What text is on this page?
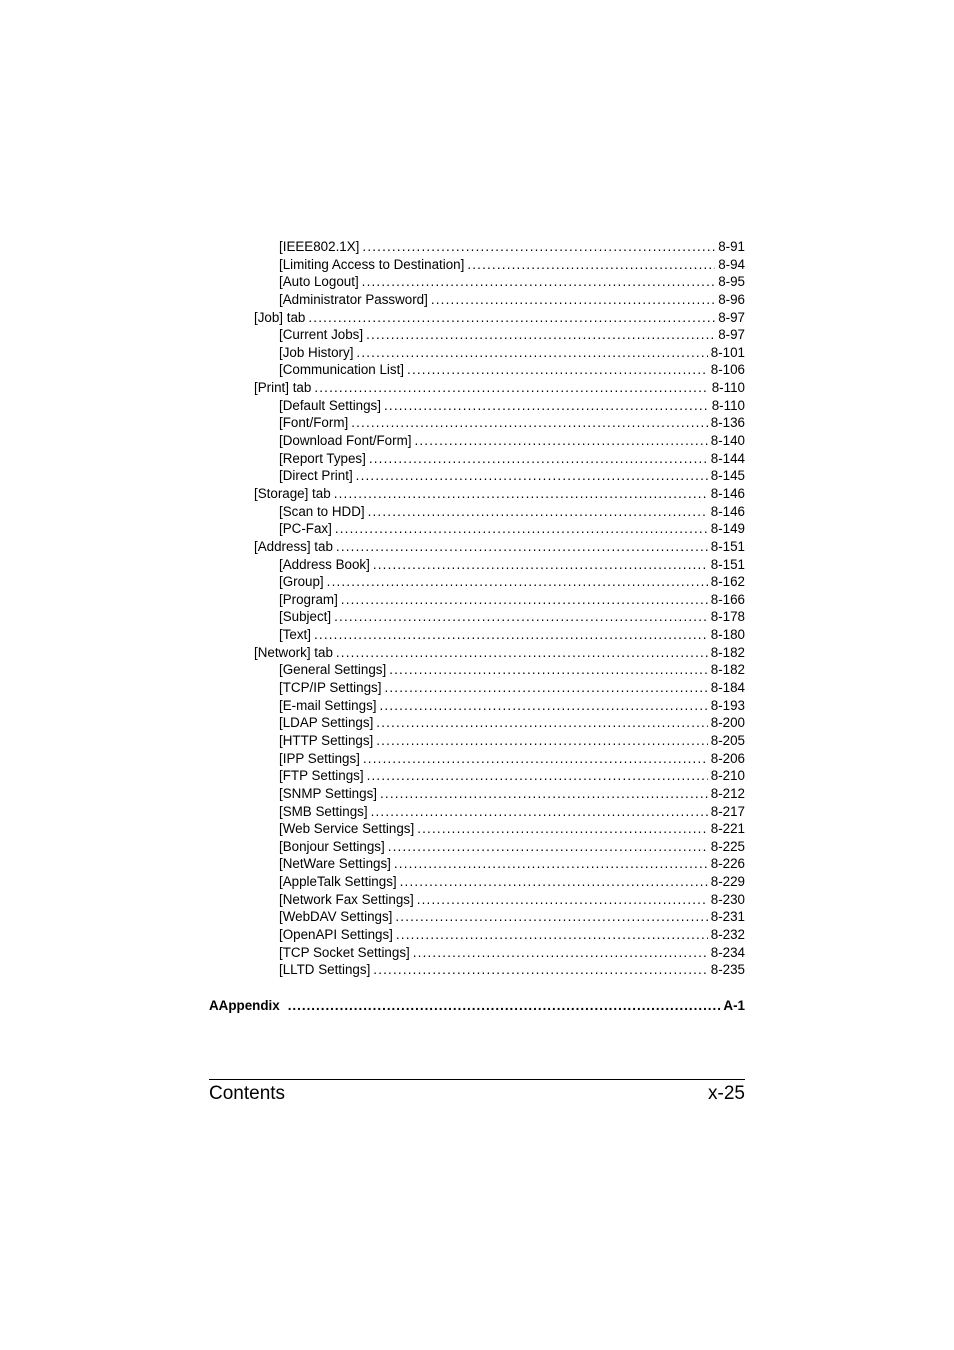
[IEEE802.1X] .....	8-91
[Limiting Access to Destination] .....	8-94
[Auto Logout] .....	8-95
[Administrator Password] .....	8-96
[Job] tab .....	8-97
[Current Jobs] .....	8-97
[Job History] .....	8-101
[Communication List] .....	8-106
[Print] tab .....	8-110
[Default Settings] .....	8-110
[Font/Form] .....	8-136
[Download Font/Form] .....	8-140
[Report Types] .....	8-144
[Direct Print] .....	8-145
[Storage] tab .....	8-146
[Scan to HDD] .....	8-146
[PC-Fax] .....	8-149
[Address] tab .....	8-151
[Address Book] .....	8-151
[Group] .....	8-162
[Program] .....	8-166
[Subject] .....	8-178
[Text] .....	8-180
[Network] tab .....	8-182
[General Settings] .....	8-182
[TCP/IP Settings] .....	8-184
[E-mail Settings] .....	8-193
[LDAP Settings] .....	8-200
[HTTP Settings] .....	8-205
[IPP Settings] .....	8-206
[FTP Settings] .....	8-210
[SNMP Settings] .....	8-212
[SMB Settings] .....	8-217
[Web Service Settings] .....	8-221
[Bonjour Settings] .....	8-225
[NetWare Settings] .....	8-226
[AppleTalk Settings] .....	8-229
[Network Fax Settings] .....	8-230
[WebDAV Settings] .....	8-231
[OpenAPI Settings] .....	8-232
[TCP Socket Settings] .....	8-234
[LLTD Settings] .....	8-235
A Appendix .....	A-1
Contents	x-25
